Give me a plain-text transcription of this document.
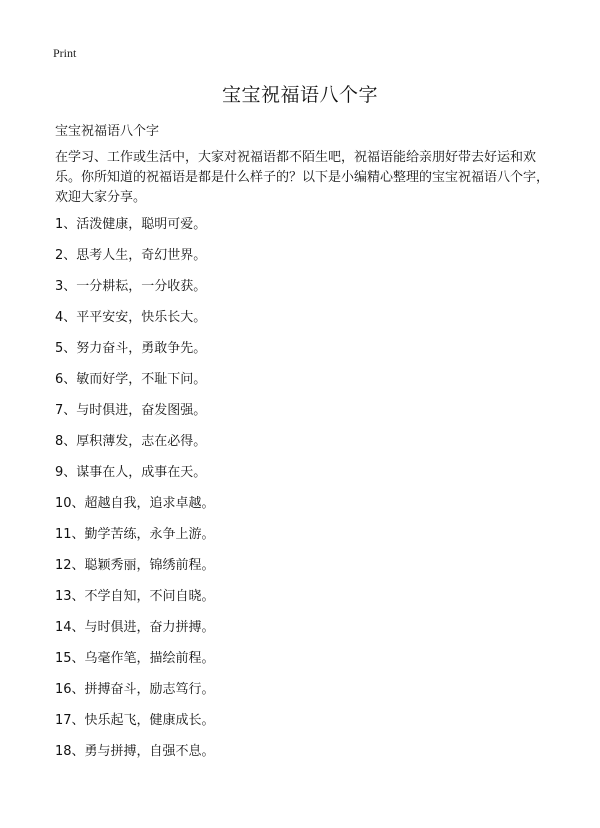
Print
宝宝祝福语八个字

宝宝祝福语八个字

在学习、工作或生活中，大家对祝福语都不陌生吧，祝福语能给亲朋好带去好运和欢乐。你所知道的祝福语是都是什么样子的？以下是小编精心整理的宝宝祝福语八个字，欢迎大家分享。

1、活泼健康，聪明可爱。
2、思考人生，奇幻世界。
3、一分耕耘，一分收获。
4、平平安安，快乐长大。
5、努力奋斗，勇敢争先。
6、敏而好学，不耻下问。
7、与时俱进，奋发图强。
8、厚积薄发，志在必得。
9、谋事在人，成事在天。
10、超越自我，追求卓越。
11、勤学苦练，永争上游。
12、聪颖秀丽，锦绣前程。
13、不学自知，不问自晓。
14、与时俱进，奋力拼搏。
15、乌毫作笔，描绘前程。
16、拼搏奋斗，励志笃行。
17、快乐起飞，健康成长。
18、勇与拼搏，自强不息。
